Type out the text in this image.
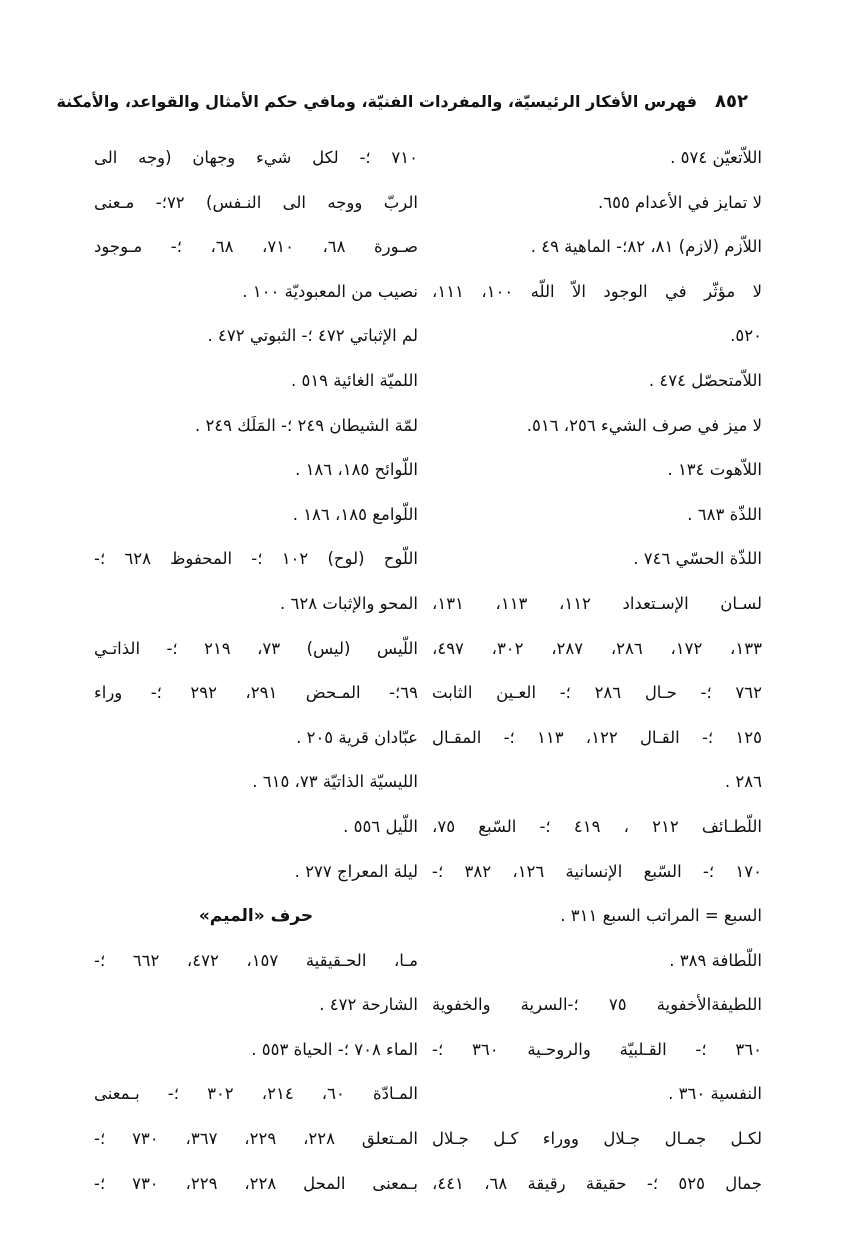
٨٥٢
فهرس الأفكار الرئيسيّة، والمفردات الفنيّة، ومافي حكم الأمثال والقواعد، والأمكنة
اللاّتعيّن ٥٧٤ .
لا تمايز في الأعدام ٦٥٥.
اللاّزم (لازم) ٨١، ٨٢؛- الماهية ٤٩ .
لا مؤثّر في الوجود الاّ اللّه ١٠٠، ١١١،
٥٢٠.
اللاّمتحصّل ٤٧٤ .
لا ميز في صرف الشيء ٢٥٦، ٥١٦.
اللاّهوت ١٣٤ .
اللذّة ٦٨٣ .
اللذّة الحسّي ٧٤٦ .
لسـان الإسـتعداد ١١٢، ١١٣، ١٣١،
١٣٣، ١٧٢، ٢٨٦، ٢٨٧، ٣٠٢، ٤٩٧،
٧٦٢ ؛- حـال ٢٨٦ ؛- العـين الثابت
١٢٥ ؛- القـال ١٢٢، ١١٣ ؛- المقـال
٢٨٦ .
اللّطـائف ٢١٢ ، ٤١٩ ؛- السّبع ٧٥،
١٧٠ ؛- السّبع الإنسانية ١٢٦، ٣٨٢ ؛-
السبع = المراتب السبع ٣١١ .
اللّطافة ٣٨٩ .
اللطيفةالأخفوية ٧٥ ؛-السرية والخفوية
٣٦٠ ؛- القـلبيّة والروحـية ٣٦٠ ؛-
النفسية ٣٦٠ .
لكـل جمـال جـلال ووراء كـل جـلال
جمال ٥٢٥ ؛- حقيقة رقيقة ٦٨، ٤٤١،
٧١٠ ؛- لكل شيء وجهان (وجه الى
الربّ ووجه الى النـفس) ٧٢؛- مـعنى
صـورة ٦٨، ٧١٠، ٦٨، ؛- مـوجود
نصيب من المعبوديّة ١٠٠ .
لم الإثباتي ٤٧٢ ؛- الثبوتي ٤٧٢ .
اللميّة الغائية ٥١٩ .
لمّة الشيطان ٢٤٩ ؛- المَلَك ٢٤٩ .
اللّوائح ١٨٥، ١٨٦ .
اللّوامع ١٨٥، ١٨٦ .
اللّوح (لوح) ١٠٢ ؛- المحفوظ ٦٢٨ ؛-
المحو والإثبات ٦٢٨ .
اللّيس (ليس) ٧٣، ٢١٩ ؛- الذاتـي
٦٩؛- المـحض ٢٩١، ٢٩٢ ؛- وراء
عبّادان قرية ٢٠٥ .
الليسيّة الذاتيّة ٧٣، ٦١٥ .
اللّيل ٥٥٦ .
ليلة المعراج ٢٧٧ .
حرف «الميم»
مـا، الحـقيقية ١٥٧، ٤٧٢، ٦٦٢ ؛-
الشارحة ٤٧٢ .
الماء ٧٠٨ ؛- الحياة ٥٥٣ .
المـادّة ٦٠، ٢١٤، ٣٠٢ ؛- بـمعنى
المـتعلق ٢٢٨، ٢٢٩، ٣٦٧، ٧٣٠ ؛-
بـمعنى المحل ٢٢٨، ٢٢٩، ٧٣٠ ؛-
